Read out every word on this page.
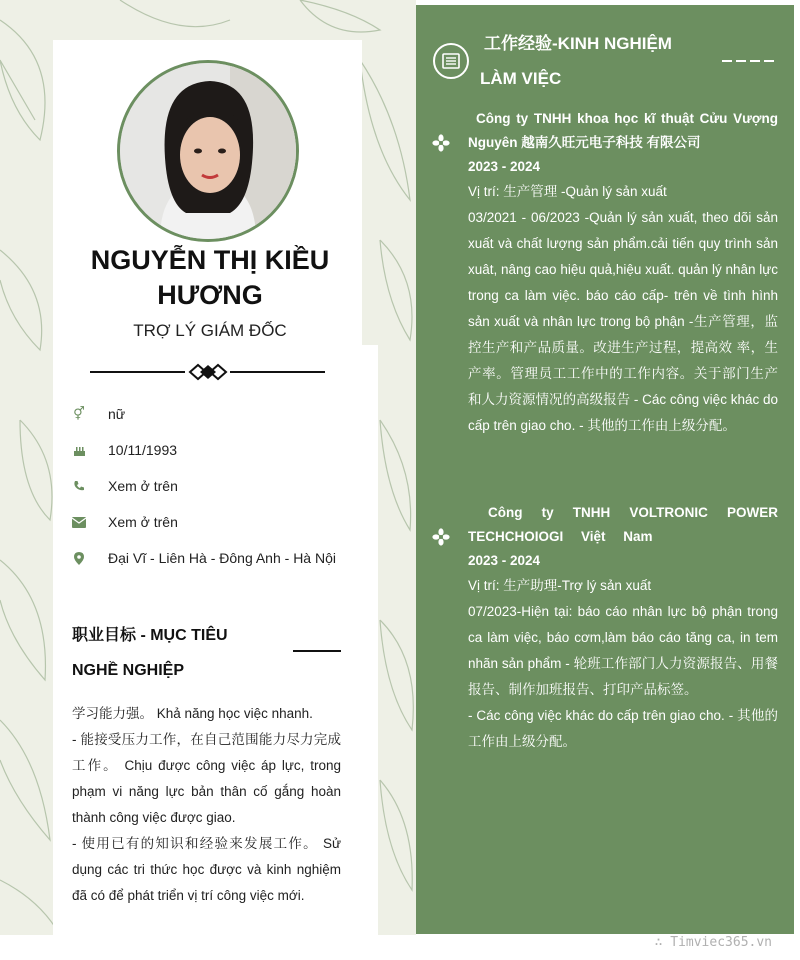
NGUYỄN THỊ KIỀU HƯƠNG
TRỢ LÝ GIÁM ĐỐC
⚥ nữ
10/11/1993
Xem ở trên
Xem ở trên
Đại Vĩ - Liên Hà - Đông Anh - Hà Nội
职业目标 - MỤC TIÊU
NGHỀ NGHIỆP
学习能力强。 Khả năng học việc nhanh.
- 能接受压力工作，在自己范围能力尽力完成工作。 Chịu được công việc áp lực, trong phạm vi năng lực bản thân cố gắng hoàn thành công việc được giao.
- 使用已有的知识和经验来发展工作。 Sử dụng các tri thức học được và kinh nghiệm đã có để phát triển vị trí công việc mới.
工作经验-KINH NGHIỆM
LÀM VIỆC
Công ty TNHH khoa học kĩ thuật Cửu Vượng Nguyên 越南久旺元电子科技 有限公司
2023 - 2024
Vị trí: 生产管理 -Quản lý sản xuất
03/2021 - 06/2023 -Quản lý sản xuất, theo dõi sản xuất và chất lượng sản phẩm.cải tiến quy trình sản xuât, nâng cao hiệu quả,hiệu xuất. quản lý nhân lực trong ca làm việc. báo cáo cấp- trên về tình hình sản xuất và nhân lực trong bộ phận -生产管理，监控生产和产品质量。改进生产过程，提高效 率，生产率。管理员工工作中的工作内容。关于部门生产 和人力资源情况的高级报告 - Các công việc khác do cấp trên giao cho. - 其他的工作由上级分配。
Công ty TNHH VOLTRONIC POWER TECHCHOIOGI Việt Nam
2023 - 2024
Vị trí: 生产助理-Trợ lý sản xuất
07/2023-Hiện tại: báo cáo nhân lực bộ phận trong ca làm việc, báo cơm,làm báo cáo tăng ca, in tem nhãn sản phẩm - 轮班工作部门人力资源报告、用餐报告、制作加班报告、打印产品标签。
- Các công việc khác do cấp trên giao cho. - 其他的工作由上级分配。
∴ Timviec365.vn
